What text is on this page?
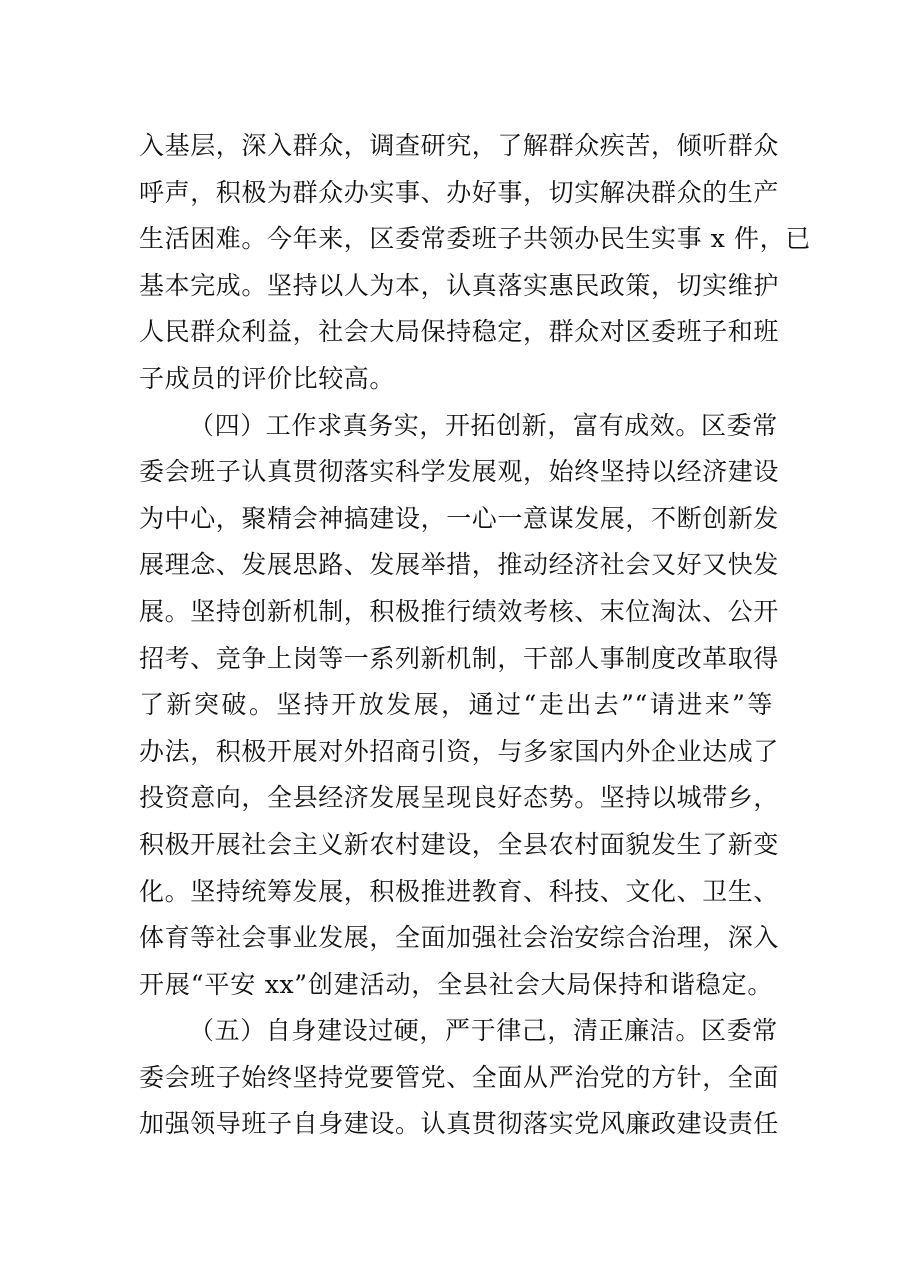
入基层，深入群众，调查研究，了解群众疾苦，倾听群众
呼声，积极为群众办实事、办好事，切实解决群众的生产
生活困难。今年来，区委常委班子共领办民生实事 x 件，已
基本完成。坚持以人为本，认真落实惠民政策，切实维护
人民群众利益，社会大局保持稳定，群众对区委班子和班
子成员的评价比较高。
（四）工作求真务实，开拓创新，富有成效。区委常
委会班子认真贯彻落实科学发展观，始终坚持以经济建设
为中心，聚精会神搞建设，一心一意谋发展，不断创新发
展理念、发展思路、发展举措，推动经济社会又好又快发
展。坚持创新机制，积极推行绩效考核、末位淘汰、公开
招考、竞争上岗等一系列新机制，干部人事制度改革取得
了新突破。坚持开放发展，通过“走出去”“请进来”等
办法，积极开展对外招商引资，与多家国内外企业达成了
投资意向，全县经济发展呈现良好态势。坚持以城带乡，
积极开展社会主义新农村建设，全县农村面貌发生了新变
化。坚持统筹发展，积极推进教育、科技、文化、卫生、
体育等社会事业发展，全面加强社会治安综合治理，深入
开展“平安 xx”创建活动，全县社会大局保持和谐稳定。
（五）自身建设过硬，严于律己，清正廉洁。区委常
委会班子始终坚持党要管党、全面从严治党的方针，全面
加强领导班子自身建设。认真贯彻落实党风廉政建设责任
